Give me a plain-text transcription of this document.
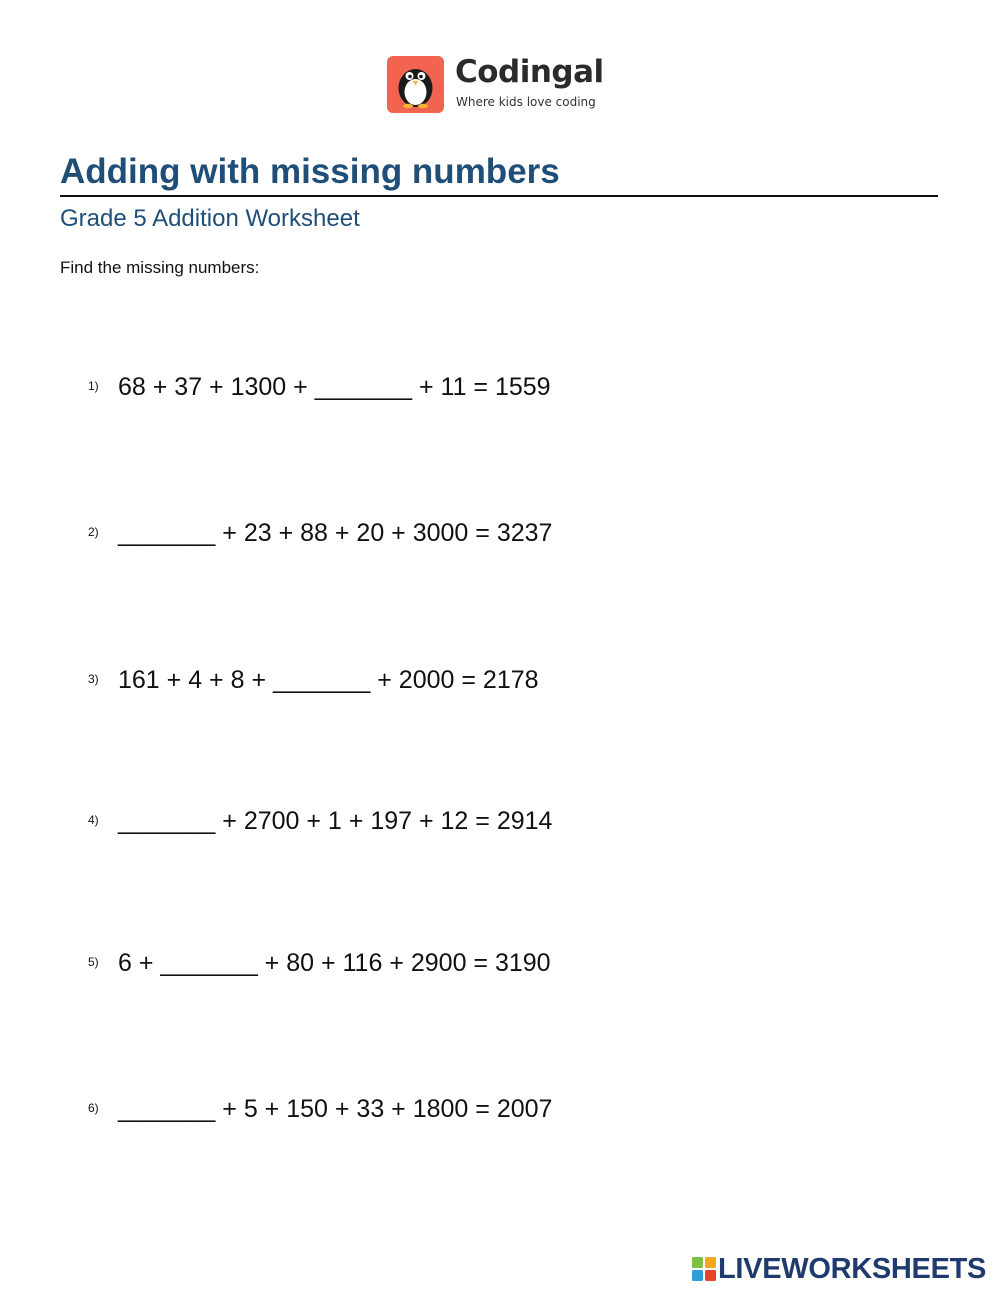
Codingal
Where kids love coding
Adding with missing numbers
Grade 5 Addition Worksheet
Find the missing numbers:
1) 68 + 37 + 1300 + _______ + 11 = 1559
2) _______ + 23 + 88 + 20 + 3000 = 3237
3) 161 + 4 + 8 + _______ + 2000 = 2178
4) _______ + 2700 + 1 + 197 + 12 = 2914
5) 6 + _______ + 80 + 116 + 2900 = 3190
6) _______ + 5 + 150 + 33 + 1800 = 2007
LIVEWORKSHEETS
